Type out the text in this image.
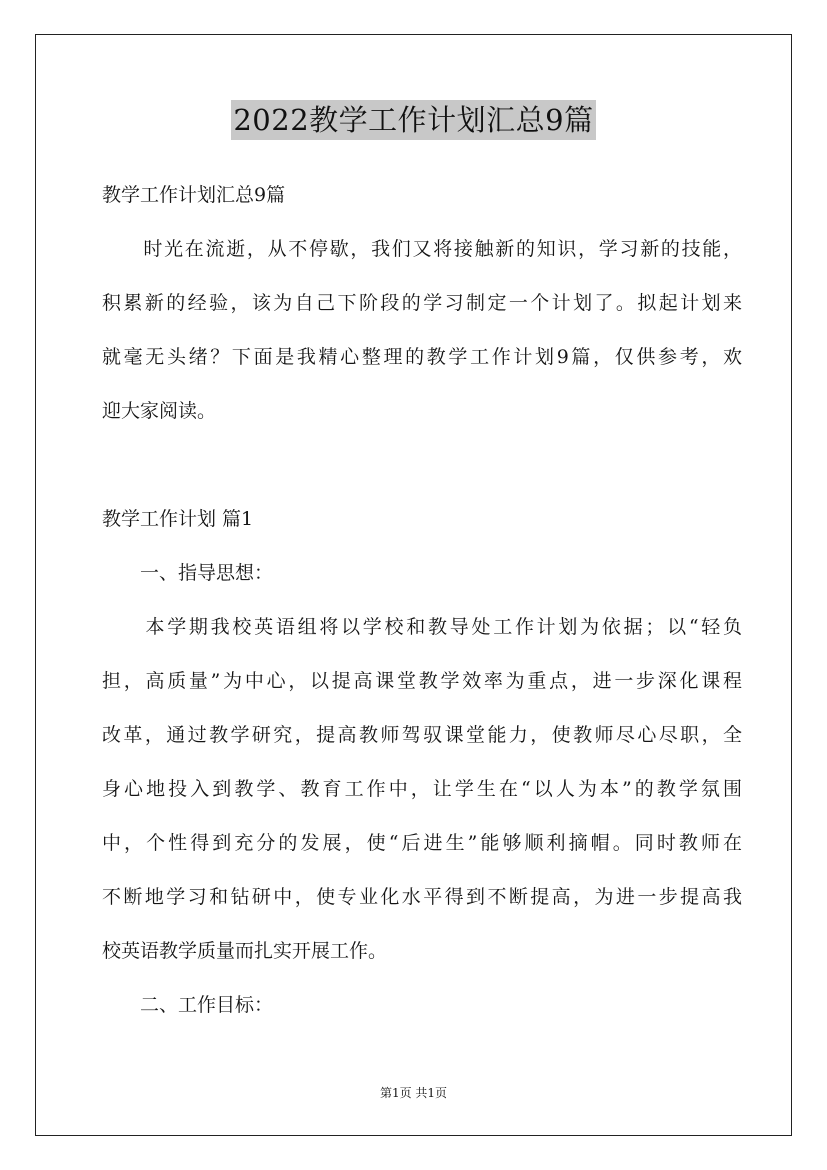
2022教学工作计划汇总9篇
教学工作计划汇总9篇
　　时光在流逝，从不停歇，我们又将接触新的知识，学习新的技能，
积累新的经验，该为自己下阶段的学习制定一个计划了。拟起计划来
就毫无头绪？下面是我精心整理的教学工作计划9篇，仅供参考，欢
迎大家阅读。
教学工作计划 篇1
　　一、指导思想：
　　本学期我校英语组将以学校和教导处工作计划为依据；以“轻负
担，高质量”为中心，以提高课堂教学效率为重点，进一步深化课程
改革，通过教学研究，提高教师驾驭课堂能力，使教师尽心尽职，全
身心地投入到教学、教育工作中，让学生在“以人为本”的教学氛围
中，个性得到充分的发展，使“后进生”能够顺利摘帽。同时教师在
不断地学习和钻研中，使专业化水平得到不断提高，为进一步提高我
校英语教学质量而扎实开展工作。
　　二、工作目标：
第1页 共1页
